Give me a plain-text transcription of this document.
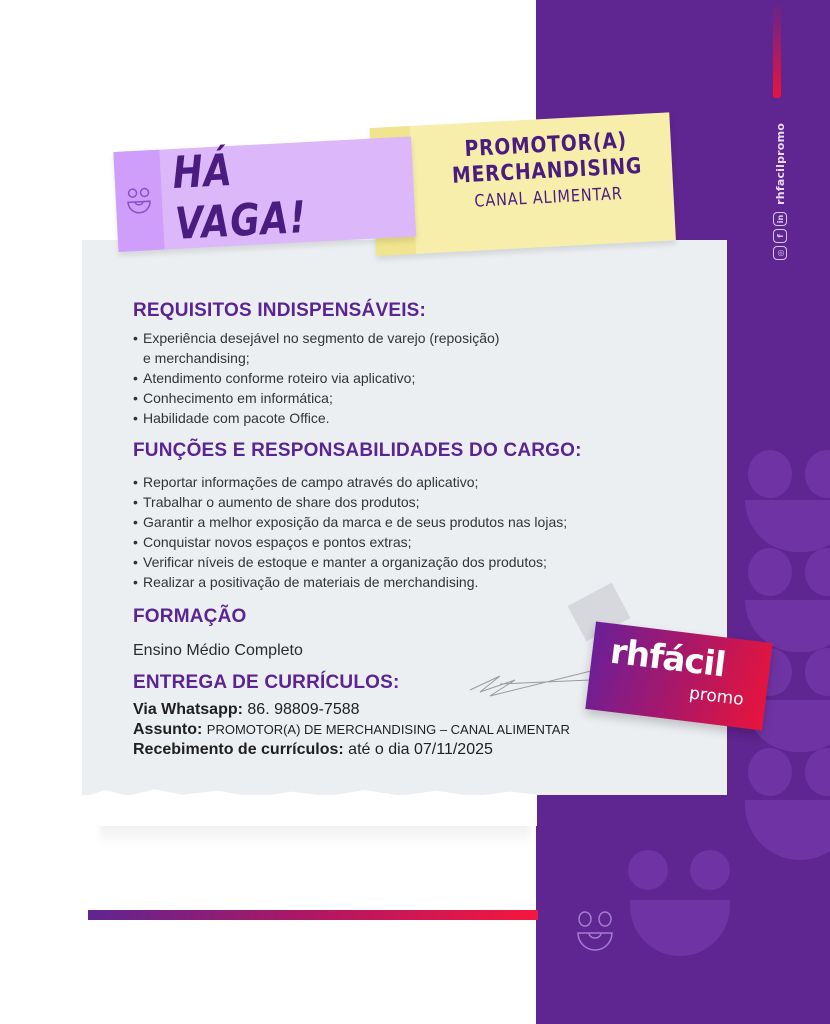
◎
f
in
rhfacilpromo
PROMOTOR(A)
MERCHANDISING
CANAL ALIMENTAR
HÁ VAGA!
REQUISITOS INDISPENSÁVEIS:
• Experiência desejável no segmento de varejo (reposição)
e merchandising;
• Atendimento conforme roteiro via aplicativo;
• Conhecimento em informática;
• Habilidade com pacote Office.
FUNÇÕES E RESPONSABILIDADES DO CARGO:
• Reportar informações de campo através do aplicativo;
• Trabalhar o aumento de share dos produtos;
• Garantir a melhor exposição da marca e de seus produtos nas lojas;
• Conquistar novos espaços e pontos extras;
• Verificar níveis de estoque e manter a organização dos produtos;
• Realizar a positivação de materiais de merchandising.
FORMAÇÃO
Ensino Médio Completo
ENTREGA DE CURRÍCULOS:
Via Whatsapp: 86. 98809-7588
Assunto: PROMOTOR(A) DE MERCHANDISING – CANAL ALIMENTAR
Recebimento de currículos: até o dia 07/11/2025
rhfácil
promo
